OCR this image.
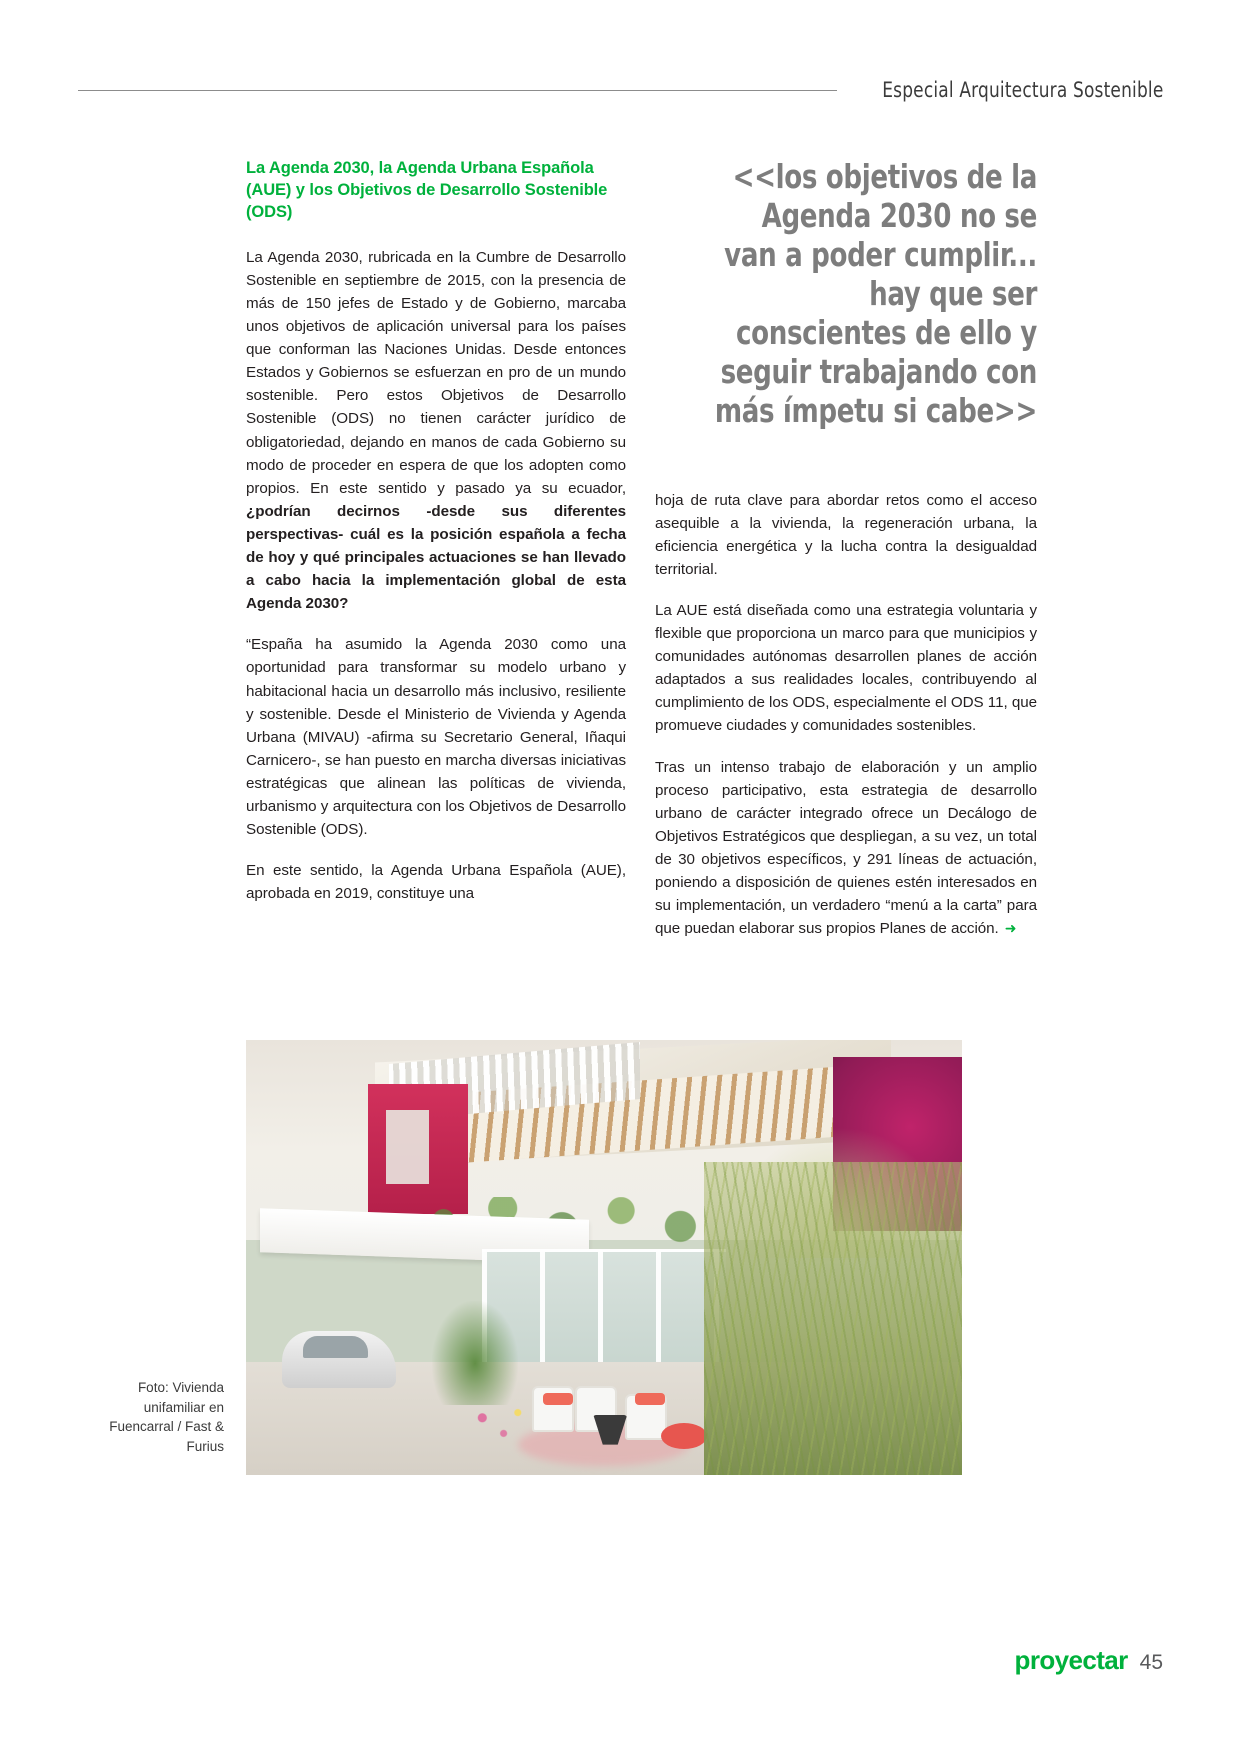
Especial Arquitectura Sostenible
La Agenda 2030, la Agenda Urbana Española (AUE) y los Objetivos de Desarrollo Sostenible (ODS)

La Agenda 2030, rubricada en la Cumbre de Desarrollo Sostenible en septiembre de 2015, con la presencia de más de 150 jefes de Estado y de Gobierno, marcaba unos objetivos de aplicación universal para los países que conforman las Naciones Unidas. Desde entonces Estados y Gobiernos se esfuerzan en pro de un mundo sostenible. Pero estos Objetivos de Desarrollo Sostenible (ODS) no tienen carácter jurídico de obligatoriedad, dejando en manos de cada Gobierno su modo de proceder en espera de que los adopten como propios. En este sentido y pasado ya su ecuador, ¿podrían decirnos -desde sus diferentes perspectivas- cuál es la posición española a fecha de hoy y qué principales actuaciones se han llevado a cabo hacia la implementación global de esta Agenda 2030?

“España ha asumido la Agenda 2030 como una oportunidad para transformar su modelo urbano y habitacional hacia un desarrollo más inclusivo, resiliente y sostenible. Desde el Ministerio de Vivienda y Agenda Urbana (MIVAU) -afirma su Secretario General, Iñaqui Carnicero-, se han puesto en marcha diversas iniciativas estratégicas que alinean las políticas de vivienda, urbanismo y arquitectura con los Objetivos de Desarrollo Sostenible (ODS).

En este sentido, la Agenda Urbana Española (AUE), aprobada en 2019, constituye una

<<los objetivos de la Agenda 2030 no se van a poder cumplir... hay que ser conscientes de ello y seguir trabajando con más ímpetu si cabe>>

hoja de ruta clave para abordar retos como el acceso asequible a la vivienda, la regeneración urbana, la eficiencia energética y la lucha contra la desigualdad territorial.

La AUE está diseñada como una estrategia voluntaria y flexible que proporciona un marco para que municipios y comunidades autónomas desarrollen planes de acción adaptados a sus realidades locales, contribuyendo al cumplimiento de los ODS, especialmente el ODS 11, que promueve ciudades y comunidades sostenibles.

Tras un intenso trabajo de elaboración y un amplio proceso participativo, esta estrategia de desarrollo urbano de carácter integrado ofrece un Decálogo de Objetivos Estratégicos que despliegan, a su vez, un total de 30 objetivos específicos, y 291 líneas de actuación, poniendo a disposición de quienes estén interesados en su implementación, un verdadero “menú a la carta” para que puedan elaborar sus propios Planes de acción. ➜

Foto: Vivienda unifamiliar en Fuencarral / Fast & Furius
proyectar 45
